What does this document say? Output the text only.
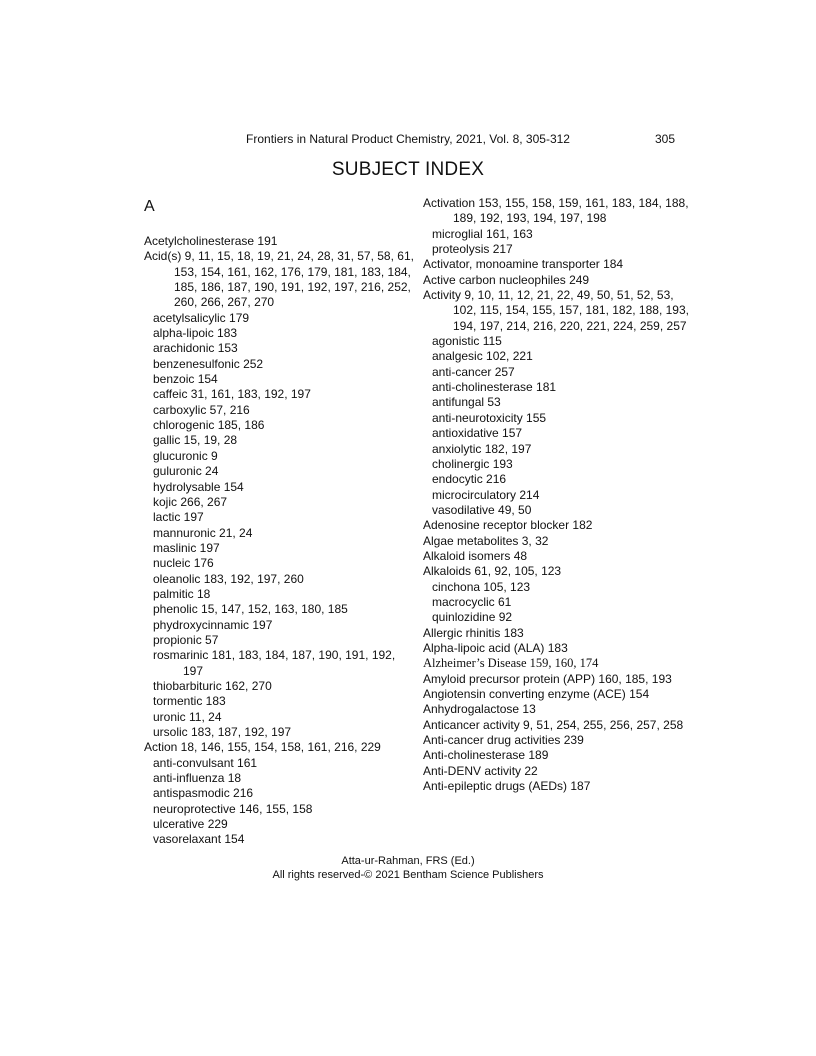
Frontiers in Natural Product Chemistry, 2021, Vol. 8, 305-312	305
SUBJECT INDEX
A

Acetylcholinesterase 191

Acid(s) 9, 11, 15, 18, 19, 21, 24, 28, 31, 57, 58, 61, 153, 154, 161, 162, 176, 179, 181, 183, 184, 185, 186, 187, 190, 191, 192, 197, 216, 252, 260, 266, 267, 270

acetylsalicylic 179

alpha-lipoic 183

arachidonic 153

benzenesulfonic 252

benzoic 154

caffeic 31, 161, 183, 192, 197

carboxylic 57, 216

chlorogenic 185, 186

gallic 15, 19, 28

glucuronic 9

guluronic 24

hydrolysable 154

kojic 266, 267

lactic 197

mannuronic 21, 24

maslinic 197

nucleic 176

oleanolic 183, 192, 197, 260

palmitic 18

phenolic 15, 147, 152, 163, 180, 185

phydroxycinnamic 197

propionic 57

rosmarinic 181, 183, 184, 187, 190, 191, 192, 197

thiobarbituric 162, 270

tormentic 183

uronic 11, 24

ursolic 183, 187, 192, 197

Action 18, 146, 155, 154, 158, 161, 216, 229

anti-convulsant 161

anti-influenza 18

antispasmodic 216

neuroprotective 146, 155, 158

ulcerative 229

vasorelaxant 154

Activation 153, 155, 158, 159, 161, 183, 184, 188, 189, 192, 193, 194, 197, 198

microglial 161, 163

proteolysis 217

Activator, monoamine transporter 184

Active carbon nucleophiles 249

Activity 9, 10, 11, 12, 21, 22, 49, 50, 51, 52, 53, 102, 115, 154, 155, 157, 181, 182, 188, 193, 194, 197, 214, 216, 220, 221, 224, 259, 257

agonistic 115

analgesic 102, 221

anti-cancer 257

anti-cholinesterase 181

antifungal 53

anti-neurotoxicity 155

antioxidative 157

anxiolytic 182, 197

cholinergic 193

endocytic 216

microcirculatory 214

vasodilative 49, 50

Adenosine receptor blocker 182

Algae metabolites 3, 32

Alkaloid isomers 48

Alkaloids 61, 92, 105, 123

cinchona 105, 123

macrocyclic 61

quinlozidine 92

Allergic rhinitis 183

Alpha-lipoic acid (ALA) 183

Alzheimer’s Disease 159, 160, 174

Amyloid precursor protein (APP) 160, 185, 193

Angiotensin converting enzyme (ACE) 154

Anhydrogalactose 13

Anticancer activity 9, 51, 254, 255, 256, 257, 258

Anti-cancer drug activities 239

Anti-cholinesterase 189

Anti-DENV activity 22

Anti-epileptic drugs (AEDs) 187

Atta-ur-Rahman, FRS (Ed.)
All rights reserved-© 2021 Bentham Science Publishers
